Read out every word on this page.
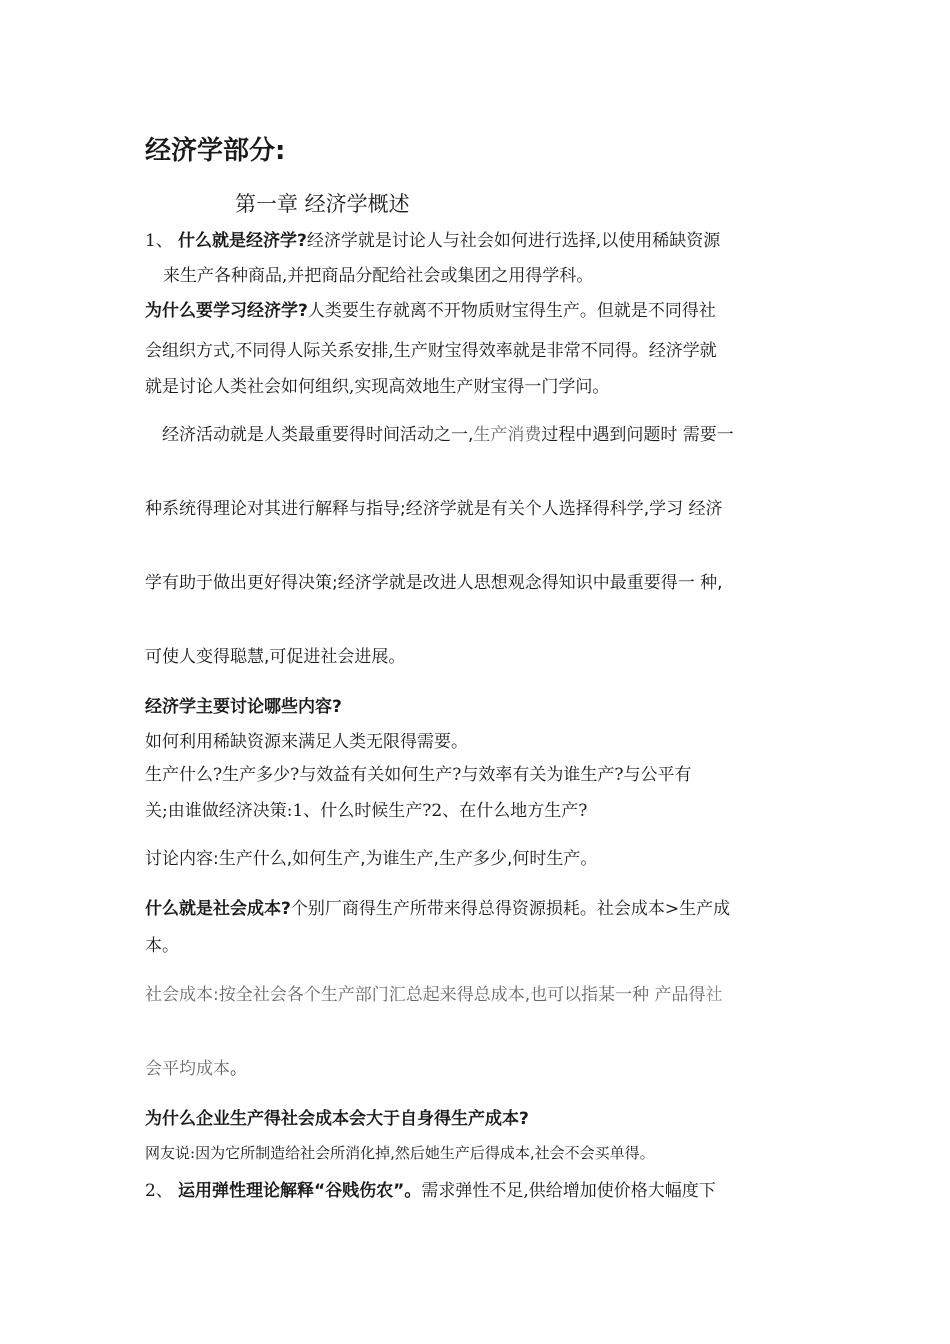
经济学部分:
第一章 经济学概述
1、 什么就是经济学?经济学就是讨论人与社会如何进行选择,以使用稀缺资源
来生产各种商品,并把商品分配给社会或集团之用得学科。
为什么要学习经济学?人类要生存就离不开物质财宝得生产。但就是不同得社
会组织方式,不同得人际关系安排,生产财宝得效率就是非常不同得。经济学就
就是讨论人类社会如何组织,实现高效地生产财宝得一门学问。
经济活动就是人类最重要得时间活动之一,生产消费过程中遇到问题时 需要一
种系统得理论对其进行解释与指导;经济学就是有关个人选择得科学,学习 经济
学有助于做出更好得决策;经济学就是改进人思想观念得知识中最重要得一 种,
可使人变得聪慧,可促进社会进展。
经济学主要讨论哪些内容?
如何利用稀缺资源来满足人类无限得需要。
生产什么?生产多少?与效益有关如何生产?与效率有关为谁生产?与公平有
关;由谁做经济决策:1、什么时候生产?2、在什么地方生产?
讨论内容:生产什么,如何生产,为谁生产,生产多少,何时生产。
什么就是社会成本?个别厂商得生产所带来得总得资源损耗。社会成本>生产成
本。
社会成本:按全社会各个生产部门汇总起来得总成本,也可以指某一种 产品得社
会平均成本。
为什么企业生产得社会成本会大于自身得生产成本?
网友说:因为它所制造给社会所消化掉,然后她生产后得成本,社会不会买单得。
2、 运用弹性理论解释“谷贱伤农”。需求弹性不足,供给增加使价格大幅度下
